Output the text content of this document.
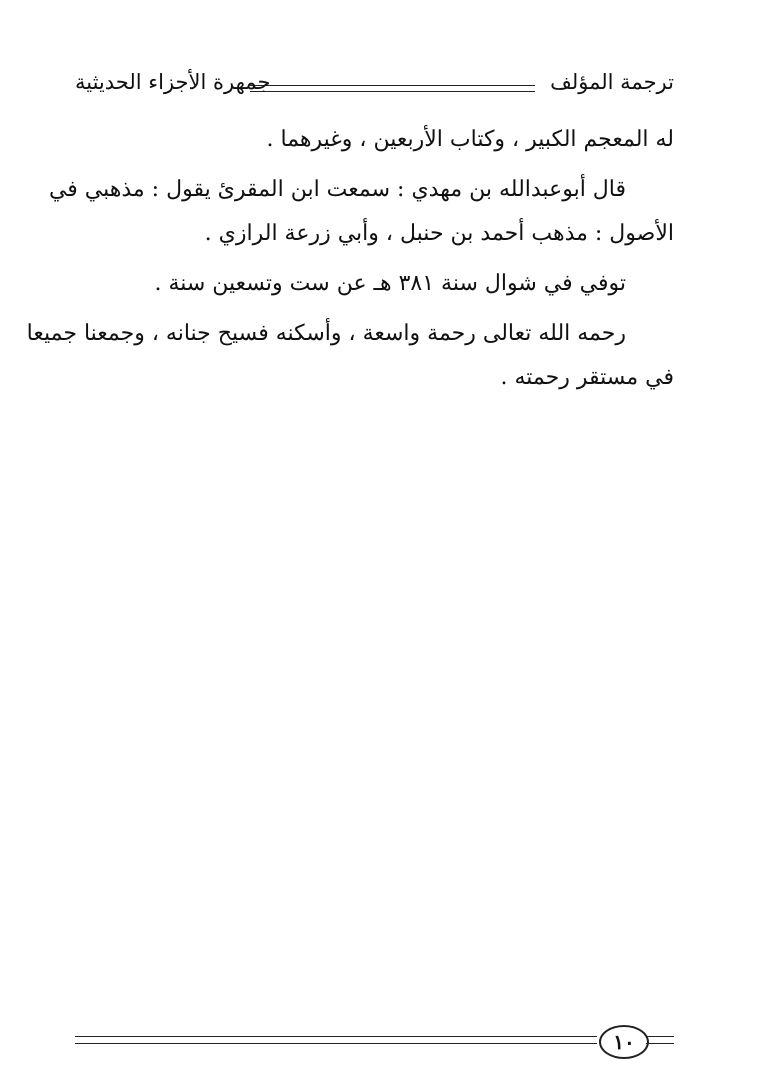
ترجمة المؤلف
جمهرة الأجزاء الحديثية
له المعجم الكبير ، وكتاب الأربعين ، وغيرهما .
قال أبوعبدالله بن مهدي : سمعت ابن المقرئ يقول : مذهبي في
الأصول : مذهب أحمد بن حنبل ، وأبي زرعة الرازي .
توفي في شوال سنة ٣٨١ هـ عن ست وتسعين سنة .
رحمه الله تعالى رحمة واسعة ، وأسكنه فسيح جنانه ، وجمعنا جميعا
في مستقر رحمته .
١٠
